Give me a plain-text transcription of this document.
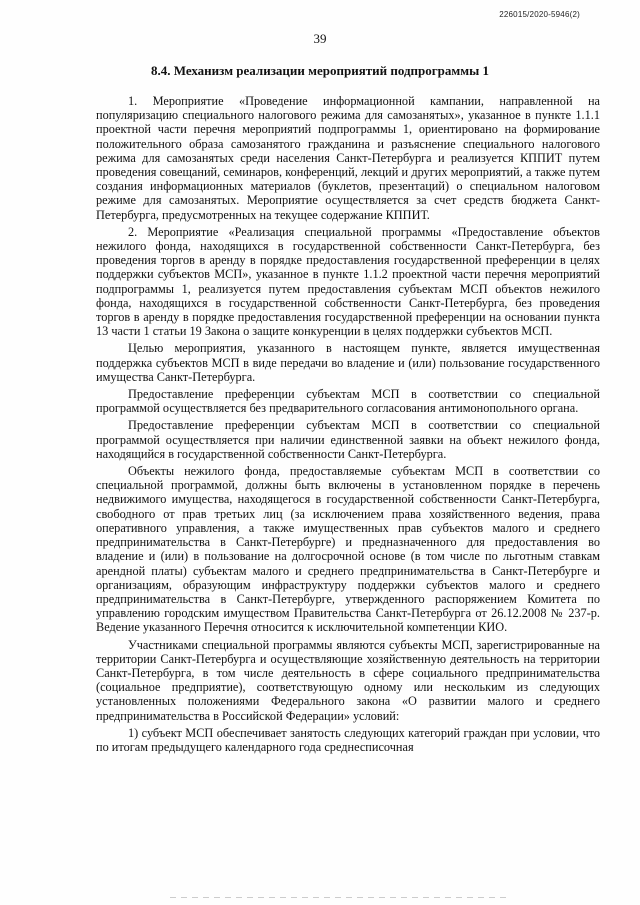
226015/2020-5946(2)
39
8.4. Механизм реализации мероприятий подпрограммы 1

1. Мероприятие «Проведение информационной кампании, направленной на популяризацию специального налогового режима для самозанятых», указанное в пункте 1.1.1 проектной части перечня мероприятий подпрограммы 1, ориентировано на формирование положительного образа самозанятого гражданина и разъяснение специального налогового режима для самозанятых среди населения Санкт-Петербурга и реализуется КППИТ путем проведения совещаний, семинаров, конференций, лекций и других мероприятий, а также путем создания информационных материалов (буклетов, презентаций) о специальном налоговом режиме для самозанятых. Мероприятие осуществляется за счет средств бюджета Санкт-Петербурга, предусмотренных на текущее содержание КППИТ.

2. Мероприятие «Реализация специальной программы «Предоставление объектов нежилого фонда, находящихся в государственной собственности Санкт-Петербурга, без проведения торгов в аренду в порядке предоставления государственной преференции в целях поддержки субъектов МСП», указанное в пункте 1.1.2 проектной части перечня мероприятий подпрограммы 1, реализуется путем предоставления субъектам МСП объектов нежилого фонда, находящихся в государственной собственности Санкт-Петербурга, без проведения торгов в аренду в порядке предоставления государственной преференции на основании пункта 13 части 1 статьи 19 Закона о защите конкуренции в целях поддержки субъектов МСП.

Целью мероприятия, указанного в настоящем пункте, является имущественная поддержка субъектов МСП в виде передачи во владение и (или) пользование государственного имущества Санкт-Петербурга.

Предоставление преференции субъектам МСП в соответствии со специальной программой осуществляется без предварительного согласования антимонопольного органа.

Предоставление преференции субъектам МСП в соответствии со специальной программой осуществляется при наличии единственной заявки на объект нежилого фонда, находящийся в государственной собственности Санкт-Петербурга.

Объекты нежилого фонда, предоставляемые субъектам МСП в соответствии со специальной программой, должны быть включены в установленном порядке в перечень недвижимого имущества, находящегося в государственной собственности Санкт-Петербурга, свободного от прав третьих лиц (за исключением права хозяйственного ведения, права оперативного управления, а также имущественных прав субъектов малого и среднего предпринимательства в Санкт-Петербурге) и предназначенного для предоставления во владение и (или) в пользование на долгосрочной основе (в том числе по льготным ставкам арендной платы) субъектам малого и среднего предпринимательства в Санкт-Петербурге и организациям, образующим инфраструктуру поддержки субъектов малого и среднего предпринимательства в Санкт-Петербурге, утвержденного распоряжением Комитета по управлению городским имуществом Правительства Санкт-Петербурга от 26.12.2008 № 237-р. Ведение указанного Перечня относится к исключительной компетенции КИО.

Участниками специальной программы являются субъекты МСП, зарегистрированные на территории Санкт-Петербурга и осуществляющие хозяйственную деятельность на территории Санкт-Петербурга, в том числе деятельность в сфере социального предпринимательства (социальное предприятие), соответствующую одному или нескольким из следующих установленных положениями Федерального закона «О развитии малого и среднего предпринимательства в Российской Федерации» условий:

1) субъект МСП обеспечивает занятость следующих категорий граждан при условии, что по итогам предыдущего календарного года среднесписочная
